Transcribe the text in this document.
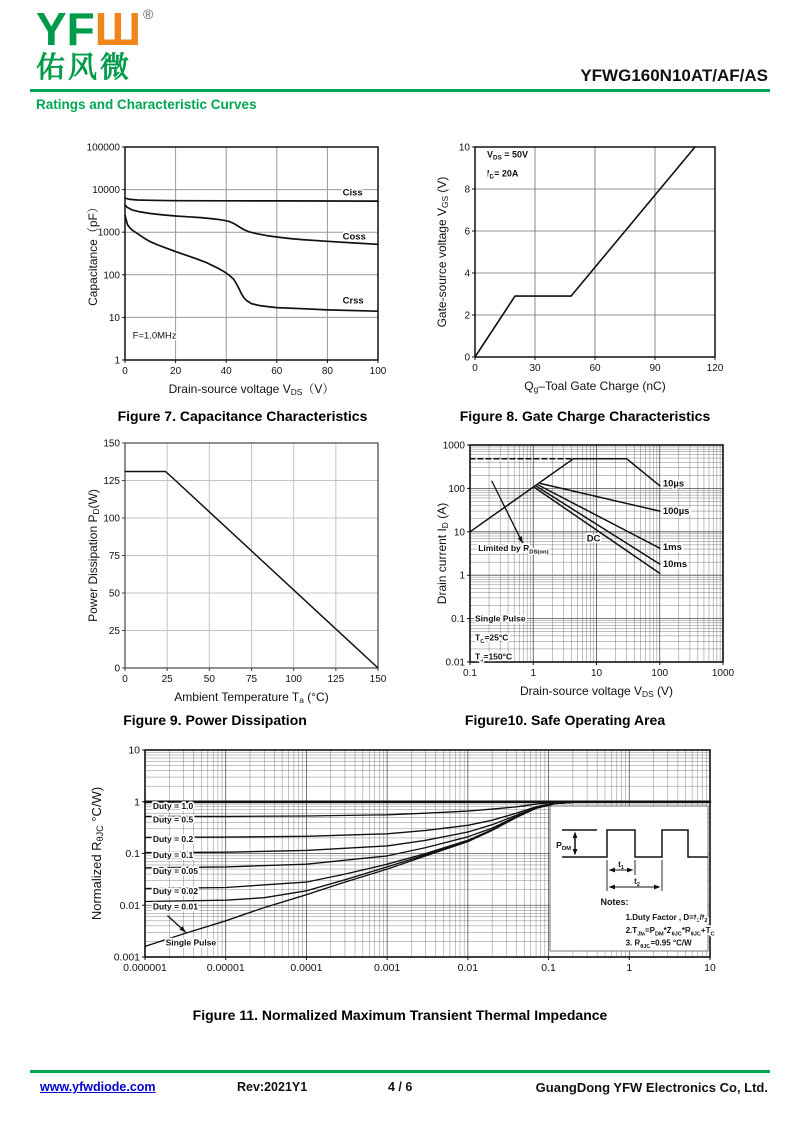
YFШ ®
佑风微	YFWG160N10AT/AF/AS
Ratings and Characteristic Curves
0	20	40	60	80	100
1
10
100
1000
10000
100000
Ciss
Coss
Crss
F=1.0MHz
Drain-source voltage VDS（V）
Capacitance（pF）
0	30	60	90	120
0
2
4
6
8
10
$V_{DS} = 50V$
$I_D= 20A$
Qg–Toal Gate Charge (nC)
Gate-source voltage VGS (V)
0	25	50	75	100	125	150
0
25
50
75
100
125
150
Ambient Temperature Ta (°C)
Power Dissipation PD(W)
0.1	1	10	100	1000
0.01
0.1
1
10
100
1000
10µs
100µs
1ms
10ms
DC
Limited by $R_{DS(on)}$
Single Pulse
$T_C=25^\circ C$
$T_J=150^\circ C$
Drain-source voltage VDS (V)
Drain current ID (A)
0.000001	0.00001	0.0001	0.001	0.01	0.1	1	10
0.001
0.01
0.1
1
10
$P_{DM}$
$t_1$
$t_2$
Duty = 1.0
Duty = 0.5
Duty = 0.2
Duty = 0.1
Duty = 0.05
Duty = 0.02
Duty = 0.01
Single Pulse
Notes:
1.Duty Factor , $D=t_1/t_2$
$2.T_{JM}=P_{DM}*Z_{\theta JC}*R_{\theta JC}+T_C$
3. $R_{\theta JC}=0.95$ °C/W
Normalized RθJC °C/W)
Figure 7. Capacitance Characteristics	Figure 8. Gate Charge Characteristics
Figure 9. Power Dissipation	Figure10. Safe Operating Area
Figure 11. Normalized Maximum Transient Thermal Impedance
www.yfwdiode.com	Rev:2021Y1	4 / 6	GuangDong YFW Electronics Co, Ltd.
